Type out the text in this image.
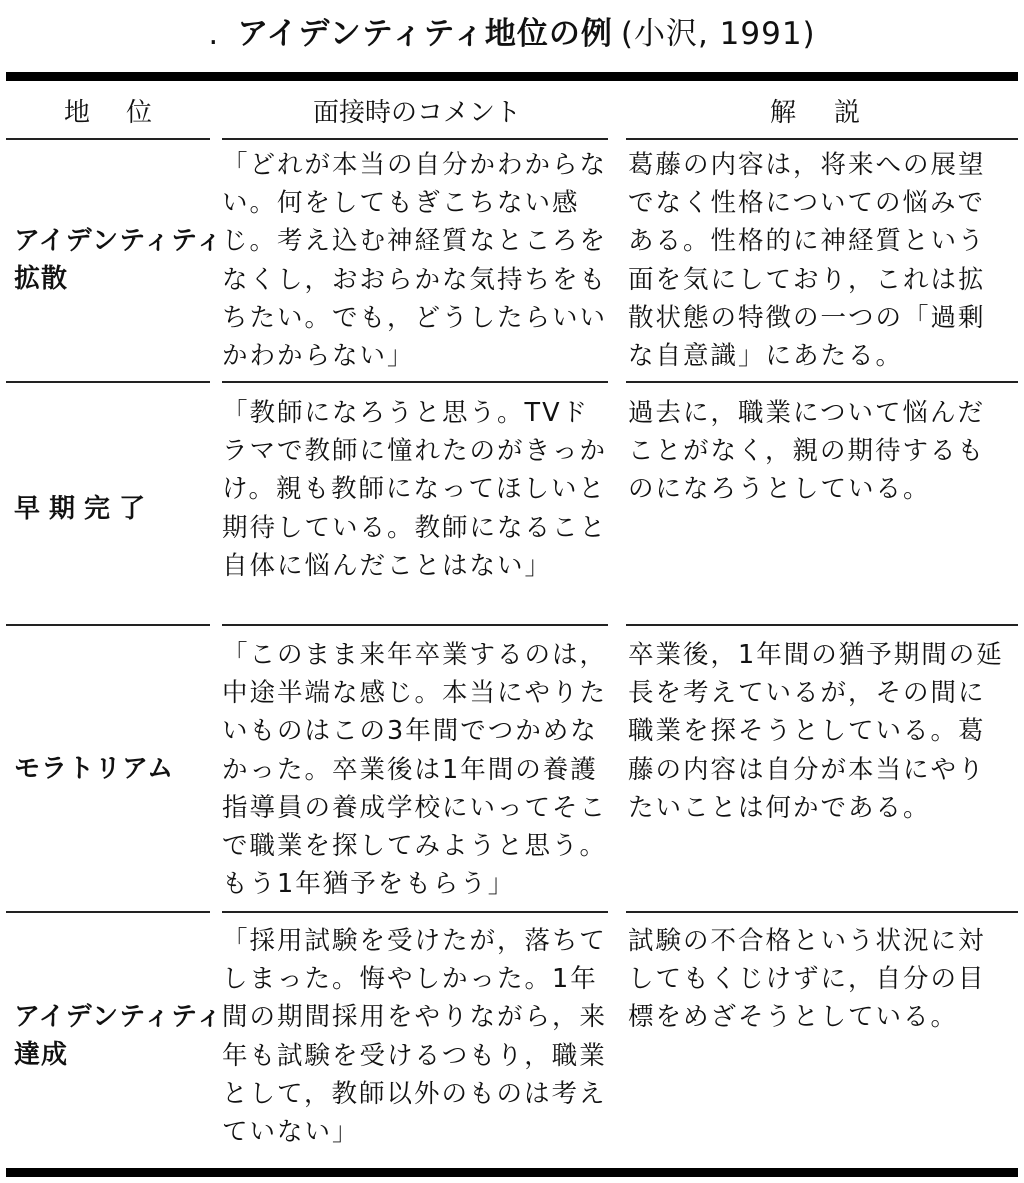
. アイデンティティ地位の例 (小沢, 1991)
地位	面接時のコメント	解説
アイデンティティ
拡散
「どれが本当の自分かわからない。何をしてもぎこちない感じ。考え込む神経質なところをなくし，おおらかな気持ちをもちたい。でも，どうしたらいいかわからない」
葛藤の内容は，将来への展望でなく性格についての悩みである。性格的に神経質という面を気にしており，これは拡散状態の特徴の一つの「過剰な自意識」にあたる。
早期完了
「教師になろうと思う。TVドラマで教師に憧れたのがきっかけ。親も教師になってほしいと期待している。教師になること自体に悩んだことはない」
過去に，職業について悩んだことがなく，親の期待するものになろうとしている。
モラトリアム
「このまま来年卒業するのは，中途半端な感じ。本当にやりたいものはこの3年間でつかめなかった。卒業後は1年間の養護指導員の養成学校にいってそこで職業を探してみようと思う。もう1年猶予をもらう」
卒業後，1年間の猶予期間の延長を考えているが，その間に職業を探そうとしている。葛藤の内容は自分が本当にやりたいことは何かである。
アイデンティティ
達成
「採用試験を受けたが，落ちてしまった。悔やしかった。1年間の期間採用をやりながら，来年も試験を受けるつもり，職業として，教師以外のものは考えていない」
試験の不合格という状況に対してもくじけずに，自分の目標をめざそうとしている。
